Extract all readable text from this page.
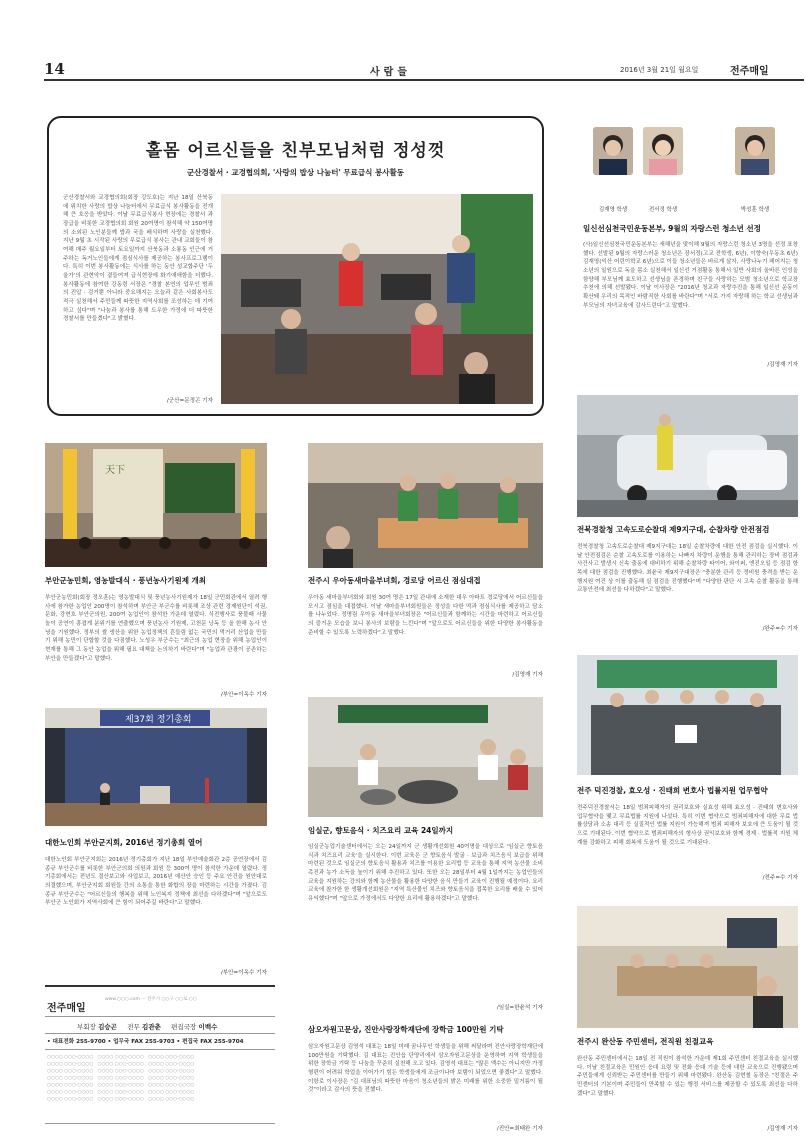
14	사람들	2016년 3월 21일 월요일	전주매일
홀몸 어르신들을 친부모님처럼 정성껏
군산경찰서 · 교경협의회, '사랑의 밥상 나눔터' 무료급식 봉사활동
군산경찰서와 교경협의회(회장 강도호)는 지난 18일 산북동에 위치한 사랑의 밥상 나눔터에서 무료급식 봉사활동을 전개해 큰 호응을 받았다. 이날 무료급식봉사 현장에는 경찰서 과장급을 비롯한 교경협의회 회원 20여명이 참석해 약 150여명의 소외된 노인분들께 밥과 국을 배식하며 사랑을 실천했다. 지난 9월 초 시작된 사랑의 무료급식 봉사는 관내 교회들이 참여해 매주 월요일부터 토요일까지 산북동과 소룡동 인근에 거주하는 독거노인들에게 점심식사를 제공하는 봉사프로그램이다. 특히 이번 봉사활동에는 식사를 하는 동안 성교합주단 '두울가'의 관현악이 곁들여져 급식현장에 화기애애함을 더했다. 봉사활동에 참여한 강동령 서장은 "경찰 본연의 업무인 범죄의 진압 · 검거뿐 아니라 중요해지는 오늘과 같은 사회봉사도 적극 실천해서 주민들께 따뜻한 지역사회를 조성하는 데 기여하고 싶다"며 "나눔과 봉사를 통해 도우한 가정에 더 따뜻한 경찰서를 만들겠다"고 밝혔다.
/군산=문정곤 기자
김재영 학생	전서정 학생	박성훈 학생
일신선심천국민운동본부, 9월의 자랑스런 청소년 선정
(사)일신선심천국민운동본부는 새해년을 맞이해 9월의 자랑스런 청소년 3명을 선정 표창했다. 선발된 9월의 자랑스러운 청소년은 장서정(고교 전학생, 6년), 이향숙(우동초 6년) 김재영(익산 어린이학교 6년)으로 이들 청소년들은 바르게 살자, 사랑나누기 헤어지는 청소년의 일원으로 독을 몸소 실천해서 일신선 거점활동 통해서 일반 사회의 올바른 인성을 함양해 부모님께 효도하고 선생님을 존경하며 친구들 사랑하는 모범 청소년으로 학교장 추천에 의해 선발됐다. 이날 이사장은 "2016년 청교과 자랑추진을 통해 일신선 운동이 확산돼 우리의 목적인 바람직한 사회를 바란다"며 "서로 가지 자랑해 하는 학교 선생님과 부모님의 자녀교육에 감사드린다"고 말했다.
/김영재 기자
전북경찰청 고속도로순찰대 제9지구대, 순찰차량 안전점검
전북경찰청 고속도로순찰대 제9지구대는 18일 순찰차량에 대한 안전 점검을 실시했다. 이날 안전점검은 순찰 고속도로를 이용하는 나빠지 차량이 운행을 통해 관리하는 장비 점검과 사건사고 발생시 신속 출동에 대비하기 위해 순찰차량 타이어, 와이퍼, 엔진오일 등 점검 항목에 대한 점검을 진행했다. 최윤국 제9지구대장은 "충분한 관리 등 정비원 충격을 받는 운행지원 여건 상 이를 출동해 실 점검을 진행했다"며 "다양한 판단 시 고속 순찰 활동을 통해 교통안전에 최선을 다하겠다"고 말했다.
/완주=수 기자
전주 덕진경찰, 효오성 · 진태희 변호사 법률지원 업무협약
전주덕진경찰서는 18일 범죄피해자의 권리보호와 실효성 위해 효오성 · 진태희 변호사와 업무협약을 맺고 무료법률 지원에 나섰다. 특히 이번 협약으로 범죄피해자에 대한 무료 법률상담과 소송 대리 등 실질적인 법률 지원이 가능해져 범죄 피해자 보호에 큰 도움이 될 것으로 기대된다. 이번 협약으로 범죄피해자의 형사상 권익보호와 함께 경제 · 법률적 지원 체계를 강화하고 피해 회복에 도움이 될 것으로 기대된다.
/전주=수 기자
전주시 완산동 주민센터, 전직원 친절교육
완산동 주민센터에서는 18일 전 직원이 참석한 가운데 제1회 주민센터 친절교육을 실시했다. 이날 친절교육은 민원인 응대 요령 및 전화 응대 기술 등에 대한 교육으로 진행됐으며 주민들에게 신뢰받는 주민센터를 만들기 위해 마련됐다. 완산동 김현철 동장은 "친절은 주민센터의 기본이며 주민들이 만족할 수 있는 행정 서비스를 제공할 수 있도록 최선을 다하겠다"고 말했다.
/김영재 기자
天下
부안군농민회, 영농발대식 · 풍년농사기원제 개최
부안군농민회(회장 정오훈)는 영농발대식 및 풍년농사기원제가 18일 군민회관에서 열려 행사에 참가한 농업인 200명이 참석하며 부안군 부군수를 비롯해 조상 관련 경제원단이 석권, 문화, 강현호 부안군의원, 200여 농업인이 참석한 가운데 열렸다. 식전행사로 풍물패 사물놀이 공연이 흥겹게 분위기를 연출했으며 풍년농사 기원제, 고천문 낭독 등 올 한해 농사 안녕을 기원했다. 정부의 쌀 생산을 위한 농업정책의 흔들림 없는 국민의 먹거리 산업을 만들기 위해 농민이 단합할 것을 다짐했다. 노성우 부군수는 "최근의 농업 현장을 위해 농업인이 현재를 통해 그 동안 농업을 위해 필요 대책을 논의하기 바란다"며 "농업과 관광이 공존하는 부안을 만들겠다"고 말했다.
/부안=이옥수 기자
전주시 우아동새마을부녀회, 경로당 어르신 점심대접
우아동 새마을부녀회와 회원 30여 명은 17일 관내에 소재한 대우 아파트 경로당에서 어르신들을 모시고 점심을 대접했다. 이날 새마을부녀회원들은 정성을 다한 떡과 점심식사를 제공하고 담소를 나누었다. 정명림 우아동 새마을부녀회장은 "어르신들과 함께하는 시간을 마련하고 어르신들의 즐거운 모습을 보니 봉사의 보람을 느낀다"며 "앞으로도 어르신들을 위한 다양한 봉사활동을 준비할 수 있도록 노력하겠다"고 말했다.
/김영재 기자
제37회 정기총회
대한노인회 부안군지회, 2016년 정기총회 열어
대한노인회 부안군지회는 2016년 정기총회가 지난 18일 부안예술회관 2층 공연장에서 김종규 부안군수를 비롯한 부안군의회 의원과 회원 등 300여 명이 참석한 가운데 열렸다. 정기총회에서는 전년도 결산보고와 사업보고, 2016년 예산안 승인 등 주요 안건을 원안대로 의결했으며, 부안군지회 회원들 간의 소통을 통한 화합의 장을 마련하는 시간을 가졌다. 김종규 부안군수는 "어르신들의 행복을 위해 노인복지 정책에 최선을 다하겠다"며 "앞으로도 부안군 노인회가 지역사회에 큰 힘이 되어주길 바란다"고 말했다.
/부안=이옥수 기자
임실군, 향토음식 · 치즈요리 교육 24일까지
임실군농업기술센터에서는 오는 24일까지 군 생활개선회원 40여명을 대상으로 '임실군 향토음식과 치즈요리 교육'을 실시한다. 이번 교육은 군 향토음식 발굴 · 보급과 치즈음식 보급을 위해 마련된 것으로 임실군의 향토음식 활용과 치즈를 이용한 요리법 등 교육을 통해 지역 농산물 소비 촉진과 농가 소득을 높이기 위해 추진하고 있다. 또한 오는 28일부터 4월 1일까지는 농업인들의 교육을 지원하는 강의와 함께 농산물을 활용한 다양한 음식 만들기 교육이 진행될 예정이다. 요리 교육에 참가한 한 생활개선회원은 "지역 특산물인 치즈와 향토음식을 접목한 요리를 배울 수 있어 유익했다"며 "앞으로 가정에서도 다양한 요리에 활용하겠다"고 말했다.
/임실=한윤석 기자
삼오자원고문상, 진안사랑장학재단에 장학금 100만원 기탁
삼오자원고문상 김영석 대표는 18일 미래 꿈나무인 학생들을 위해 써달라며 진안사랑장학재단에 100만원을 기탁했다. 김 대표는 진안읍 단양리에서 삼오자원고문상을 운영하며 지역 학생들을 위한 장학금 기탁 등 나눔을 꾸준히 실천해 오고 있다. 김영석 대표는 "많은 액수는 아니지만 가정형편이 어려워 학업을 이어가기 힘든 학생들에게 조금이나마 보탬이 되었으면 좋겠다"고 말했다. 이항로 이사장은 "김 대표님의 따뜻한 마음이 청소년들의 밝은 미래를 위한 소중한 밑거름이 될 것"이라고 감사의 뜻을 전했다.
/진안=최태완 기자
전주매일
www.○○○.com ··· 전주시 ○○구 ○○로 ○○
부회장 김승곤 전무 김관춘 편집국장 이백수
• 대표전화 255-9700 • 업무국 FAX 255-9703 • 편집국 FAX 255-9704
○○○○ ○○○-○○○○   ○○○○ ○○○-○○○○   ○○○○ ○○○-○○○○
○○○○ ○○○-○○○○   ○○○○ ○○○-○○○○   ○○○○ ○○○-○○○○
○○○○ ○○○-○○○○   ○○○○ ○○○-○○○○   ○○○○ ○○○-○○○○
○○○○ ○○○-○○○○   ○○○○ ○○○-○○○○   ○○○○ ○○○-○○○○
○○○○ ○○○-○○○○   ○○○○ ○○○-○○○○   ○○○○ ○○○-○○○○
○○○○ ○○○-○○○○   ○○○○ ○○○-○○○○   ○○○○ ○○○-○○○○
○○○○ ○○○-○○○○   ○○○○ ○○○-○○○○   ○○○○ ○○○-○○○○
